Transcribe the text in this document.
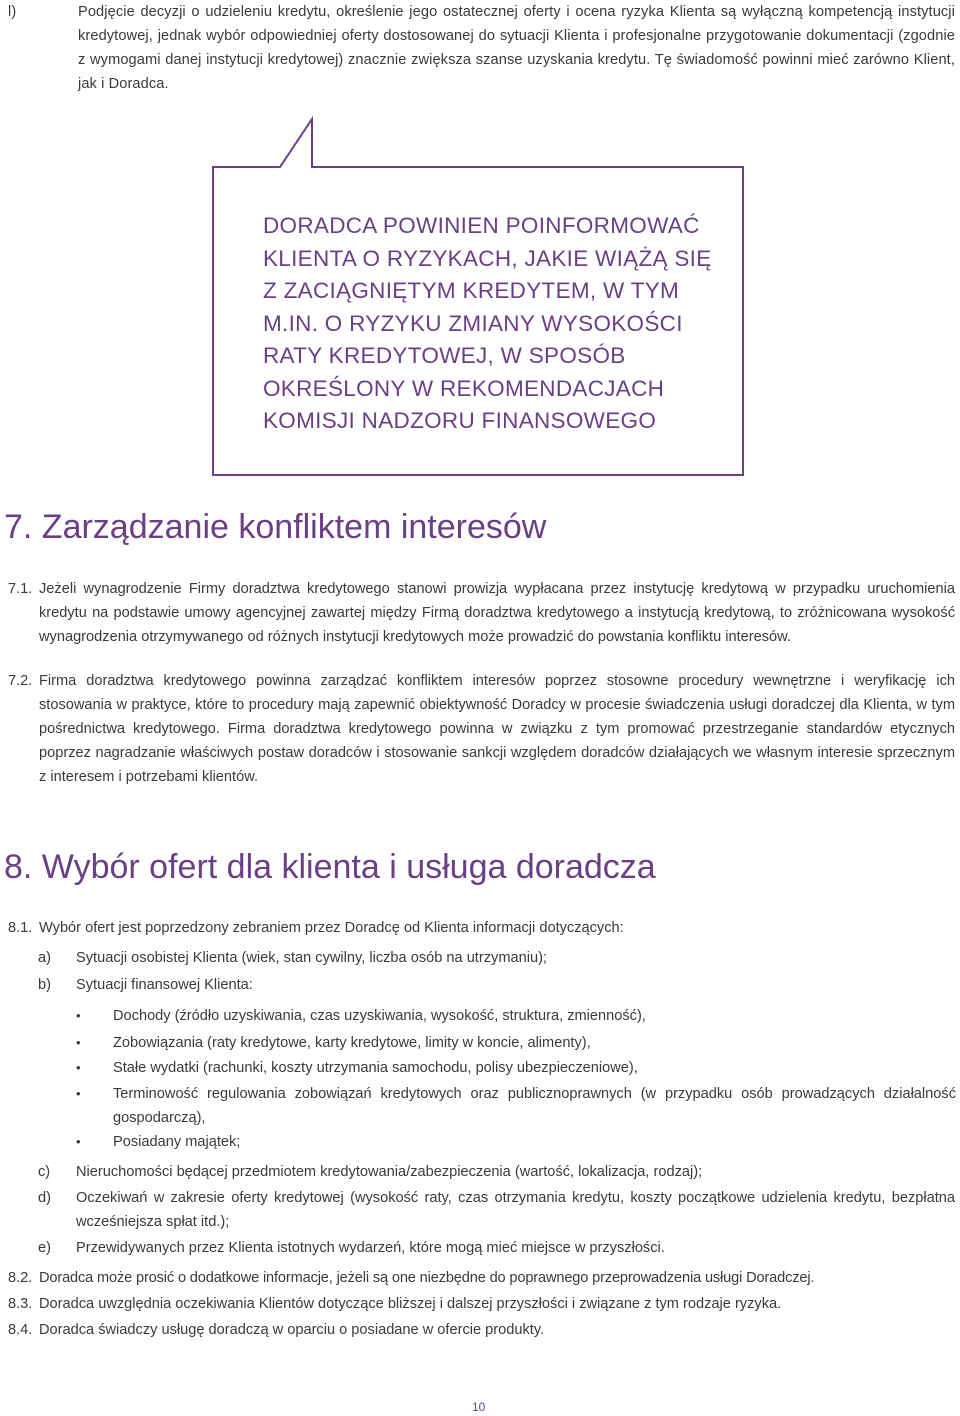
l)	Podjęcie decyzji o udzieleniu kredytu, określenie jego ostatecznej oferty i ocena ryzyka Klienta są wyłączną kompetencją instytucji kredytowej, jednak wybór odpowiedniej oferty dostosowanej do sytuacji Klienta i profesjonalne przygotowanie dokumentacji (zgodnie z wymogami danej instytucji kredytowej) znacznie zwiększa szanse uzyskania kredytu. Tę świadomość powinni mieć zarówno Klient, jak i Doradca.
DORADCA POWINIEN POINFORMOWAĆ
KLIENTA O RYZYKACH, JAKIE WIĄŻĄ SIĘ
Z ZACIĄGNIĘTYM KREDYTEM, W TYM
M.IN. O RYZYKU ZMIANY WYSOKOŚCI
RATY KREDYTOWEJ, W SPOSÓB
OKREŚLONY W REKOMENDACJACH
KOMISJI NADZORU FINANSOWEGO
7. Zarządzanie konfliktem interesów
7.1. Jeżeli wynagrodzenie Firmy doradztwa kredytowego stanowi prowizja wypłacana przez instytucję kredytową w przypadku uruchomienia kredytu na podstawie umowy agencyjnej zawartej między Firmą doradztwa kredytowego a instytucją kredytową, to zróżnicowana wysokość wynagrodzenia otrzymywanego od różnych instytucji kredytowych może prowadzić do powstania konfliktu interesów.
7.2. Firma doradztwa kredytowego powinna zarządzać konfliktem interesów poprzez stosowne procedury wewnętrzne i weryfikację ich stosowania w praktyce, które to procedury mają zapewnić obiektywność Doradcy w procesie świadczenia usługi doradczej dla Klienta, w tym pośrednictwa kredytowego. Firma doradztwa kredytowego powinna w związku z tym promować przestrzeganie standardów etycznych poprzez nagradzanie właściwych postaw doradców i stosowanie sankcji względem doradców działających we własnym interesie sprzecznym z interesem i potrzebami klientów.
8. Wybór ofert dla klienta i usługa doradcza
8.1. Wybór ofert jest poprzedzony zebraniem przez Doradcę od Klienta informacji dotyczących:
a)	Sytuacji osobistej Klienta (wiek, stan cywilny, liczba osób na utrzymaniu);
b)	Sytuacji finansowej Klienta:
•	Dochody (źródło uzyskiwania, czas uzyskiwania, wysokość, struktura, zmienność),
•	Zobowiązania (raty kredytowe, karty kredytowe, limity w koncie, alimenty),
•	Stałe wydatki (rachunki, koszty utrzymania samochodu, polisy ubezpieczeniowe),
•	Terminowość regulowania zobowiązań kredytowych oraz publicznoprawnych (w przypadku osób prowadzących działalność gospodarczą),
•	Posiadany majątek;
c)	Nieruchomości będącej przedmiotem kredytowania/zabezpieczenia (wartość, lokalizacja, rodzaj);
d)	Oczekiwań w zakresie oferty kredytowej (wysokość raty, czas otrzymania kredytu, koszty początkowe udzielenia kredytu, bezpłatna wcześniejsza spłat itd.);
e)	Przewidywanych przez Klienta istotnych wydarzeń, które mogą mieć miejsce w przyszłości.
8.2. Doradca może prosić o dodatkowe informacje, jeżeli są one niezbędne do poprawnego przeprowadzenia usługi Doradczej.
8.3. Doradca uwzględnia oczekiwania Klientów dotyczące bliższej i dalszej przyszłości i związane z tym rodzaje ryzyka.
8.4. Doradca świadczy usługę doradczą w oparciu o posiadane w ofercie produkty.
10
